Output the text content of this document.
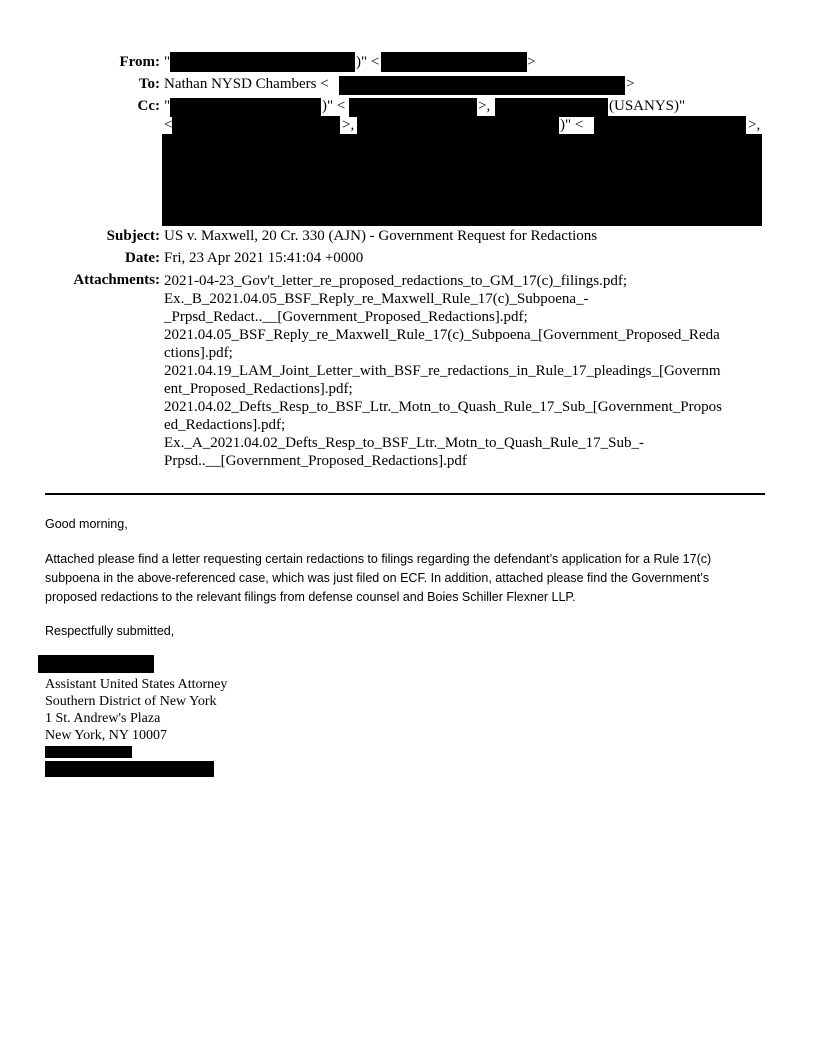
From: "	)" <	>
To: Nathan NYSD Chambers <	>
Cc: "	)" <	>,	(USANYS)"
<	>,	)" <	>,
Subject: US v. Maxwell, 20 Cr. 330 (AJN) - Government Request for Redactions
Date: Fri, 23 Apr 2021 15:41:04 +0000
Attachments: 2021-04-23_Gov't_letter_re_proposed_redactions_to_GM_17(c)_filings.pdf;
Ex._B_2021.04.05_BSF_Reply_re_Maxwell_Rule_17(c)_Subpoena_-
_Prpsd_Redact..__[Government_Proposed_Redactions].pdf;
2021.04.05_BSF_Reply_re_Maxwell_Rule_17(c)_Subpoena_[Government_Proposed_Reda
ctions].pdf;
2021.04.19_LAM_Joint_Letter_with_BSF_re_redactions_in_Rule_17_pleadings_[Governm
ent_Proposed_Redactions].pdf;
2021.04.02_Defts_Resp_to_BSF_Ltr._Motn_to_Quash_Rule_17_Sub_[Government_Propos
ed_Redactions].pdf;
Ex._A_2021.04.02_Defts_Resp_to_BSF_Ltr._Motn_to_Quash_Rule_17_Sub_-
Prpsd..__[Government_Proposed_Redactions].pdf
Good morning,
Attached please find a letter requesting certain redactions to filings regarding the defendant’s application for a Rule 17(c)
subpoena in the above-referenced case, which was just filed on ECF. In addition, attached please find the Government’s
proposed redactions to the relevant filings from defense counsel and Boies Schiller Flexner LLP.
Respectfully submitted,
Assistant United States Attorney
Southern District of New York
1 St. Andrew's Plaza
New York, NY 10007
